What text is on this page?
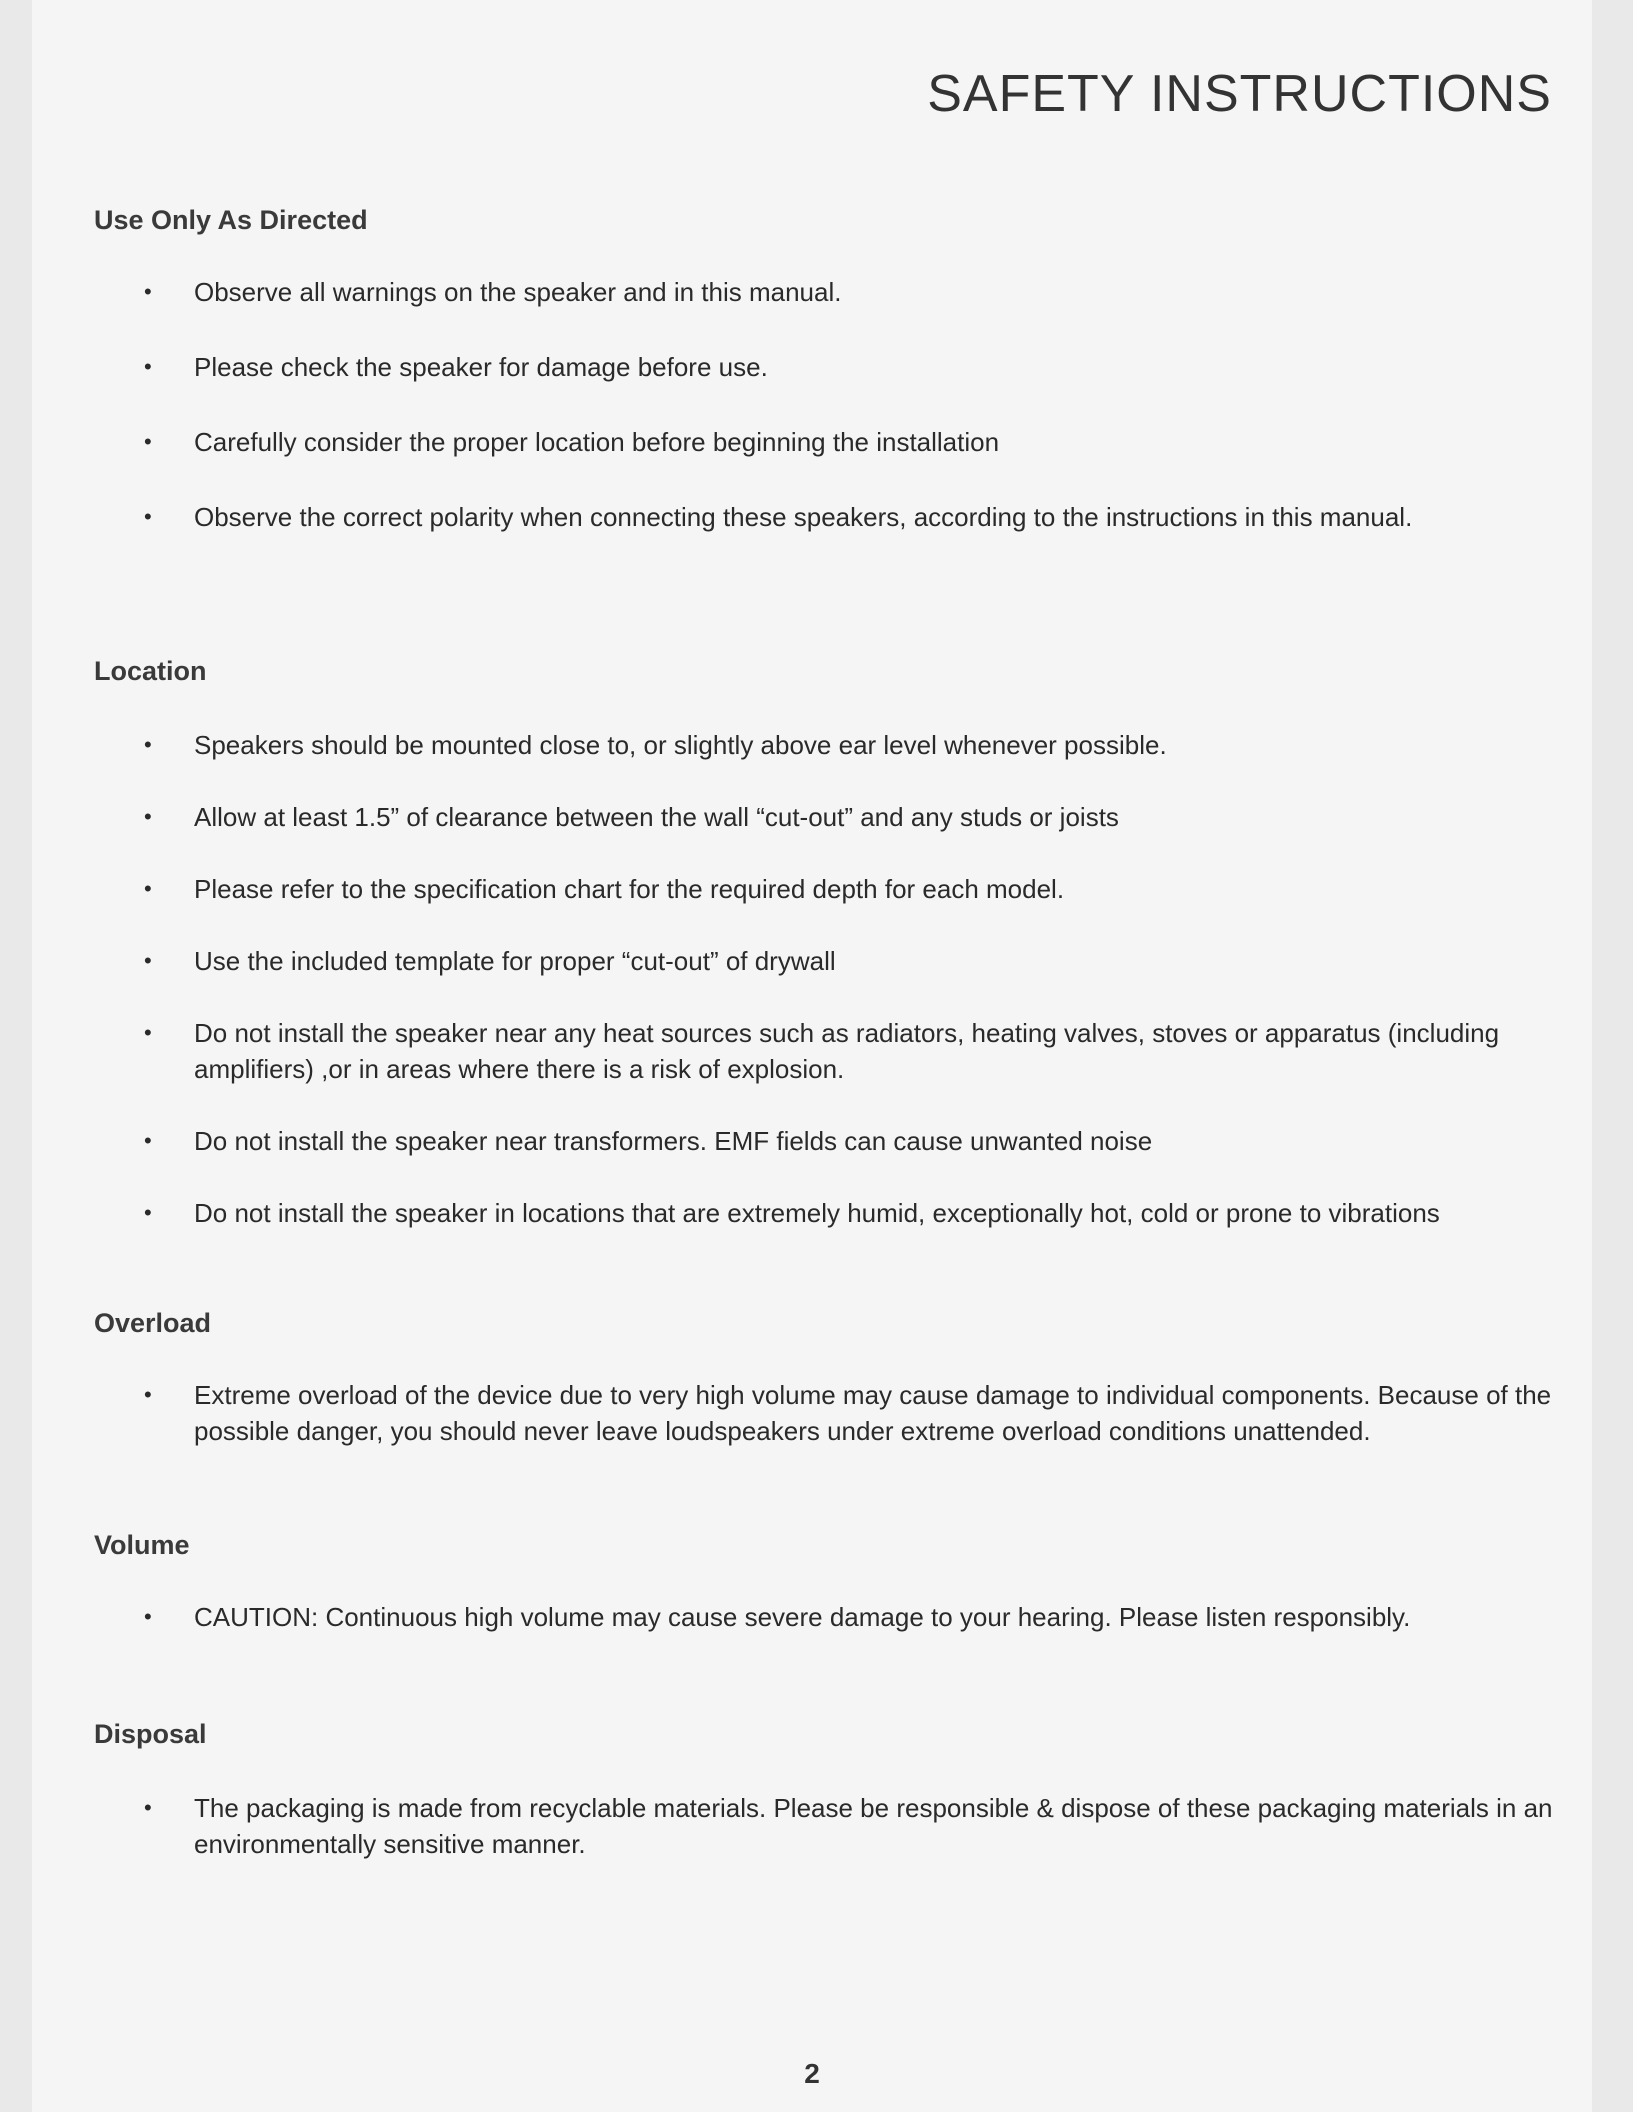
SAFETY INSTRUCTIONS
Use Only As Directed
• Observe all warnings on the speaker and in this manual.
• Please check the speaker for damage before use.
• Carefully consider the proper location before beginning the installation
• Observe the correct polarity when connecting these speakers, according to the instructions in this manual.
Location
• Speakers should be mounted close to, or slightly above ear level whenever possible.
• Allow at least 1.5” of clearance between the wall “cut-out” and any studs or joists
• Please refer to the specification chart for the required depth for each model.
• Use the included template for proper “cut-out” of drywall
• Do not install the speaker near any heat sources such as radiators, heating valves, stoves or apparatus (including amplifiers) ,or in areas where there is a risk of explosion.
• Do not install the speaker near transformers. EMF fields can cause unwanted noise
• Do not install the speaker in locations that are extremely humid, exceptionally hot, cold or prone to vibrations
Overload
• Extreme overload of the device due to very high volume may cause damage to individual components. Because of the possible danger, you should never leave loudspeakers under extreme overload conditions unattended.
Volume
• CAUTION: Continuous high volume may cause severe damage to your hearing. Please listen responsibly.
Disposal
• The packaging is made from recyclable materials. Please be responsible & dispose of these packaging materials in an environmentally sensitive manner.
2
